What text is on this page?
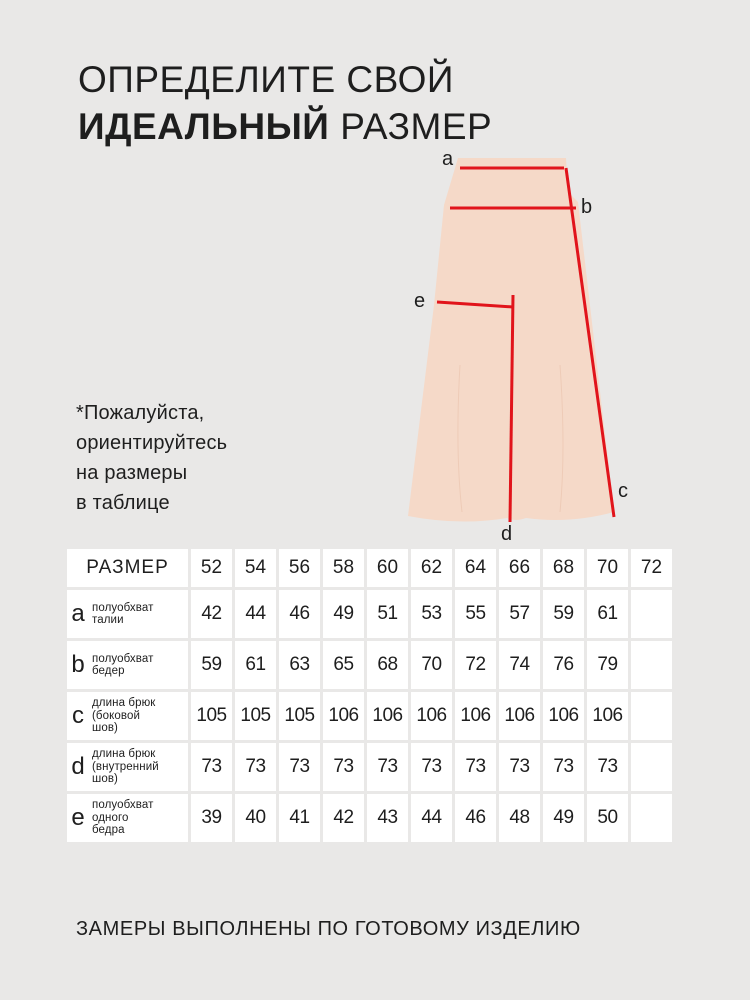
ОПРЕДЕЛИТЕ СВОЙ
ИДЕАЛЬНЫЙ РАЗМЕР
a
b
c
d
e
*Пожалуйста,
ориентируйтесь
на размеры
в таблице
РАЗМЕР	52	54	56	58	60	62	64	66	68	70	72

a полуобхват
талии	42	44	46	49	51	53	55	57	59	61	

b полуобхват
бедер	59	61	63	65	68	70	72	74	76	79	

c длина брюк
(боковой
шов)	105	105	105	106	106	106	106	106	106	106	

d длина брюк
(внутренний
шов)	73	73	73	73	73	73	73	73	73	73	

e полуобхват
одного
бедра	39	40	41	42	43	44	46	48	49	50	
ЗАМЕРЫ ВЫПОЛНЕНЫ ПО ГОТОВОМУ ИЗДЕЛИЮ
